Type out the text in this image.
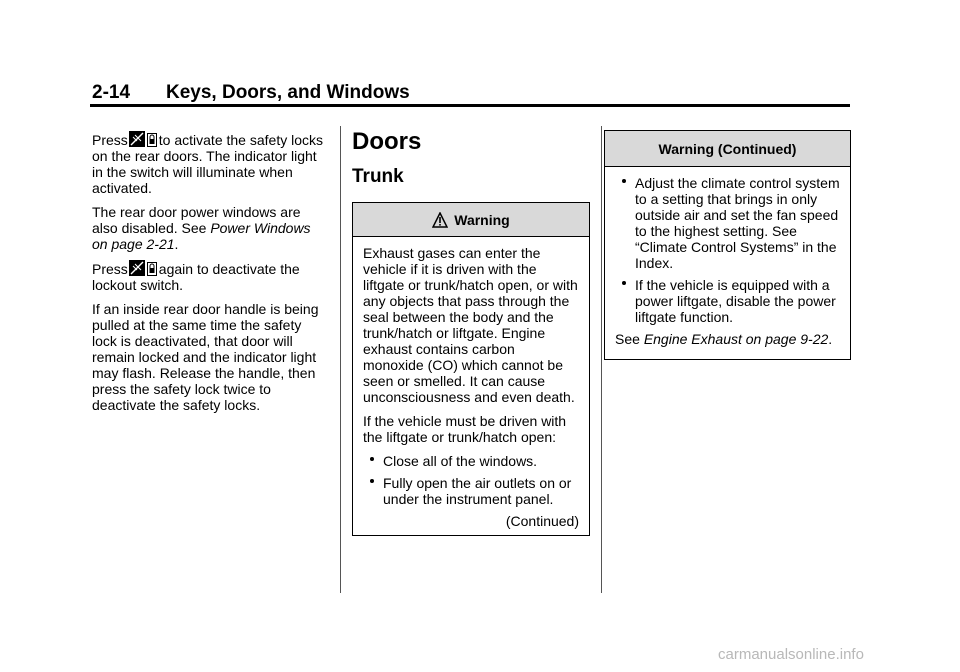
2-14 Keys, Doors, and Windows

Press to activate the safety locks on the rear doors. The indicator light in the switch will illuminate when activated.

The rear door power windows are also disabled. See Power Windows on page 2-21.

Press again to deactivate the lockout switch.

If an inside rear door handle is being pulled at the same time the safety lock is deactivated, that door will remain locked and the indicator light may flash. Release the handle, then press the safety lock twice to deactivate the safety locks.

Doors
Trunk
Warning

Exhaust gases can enter the vehicle if it is driven with the liftgate or trunk/hatch open, or with any objects that pass through the seal between the body and the trunk/hatch or liftgate. Engine exhaust contains carbon monoxide (CO) which cannot be seen or smelled. It can cause unconsciousness and even death.

If the vehicle must be driven with the liftgate or trunk/hatch open:

Close all of the windows.
Fully open the air outlets on or under the instrument panel.
(Continued)
Warning (Continued)
Adjust the climate control system to a setting that brings in only outside air and set the fan speed to the highest setting. See “Climate Control Systems” in the Index.
If the vehicle is equipped with a power liftgate, disable the power liftgate function.

See Engine Exhaust on page 9-22.

carmanualsonline.info
